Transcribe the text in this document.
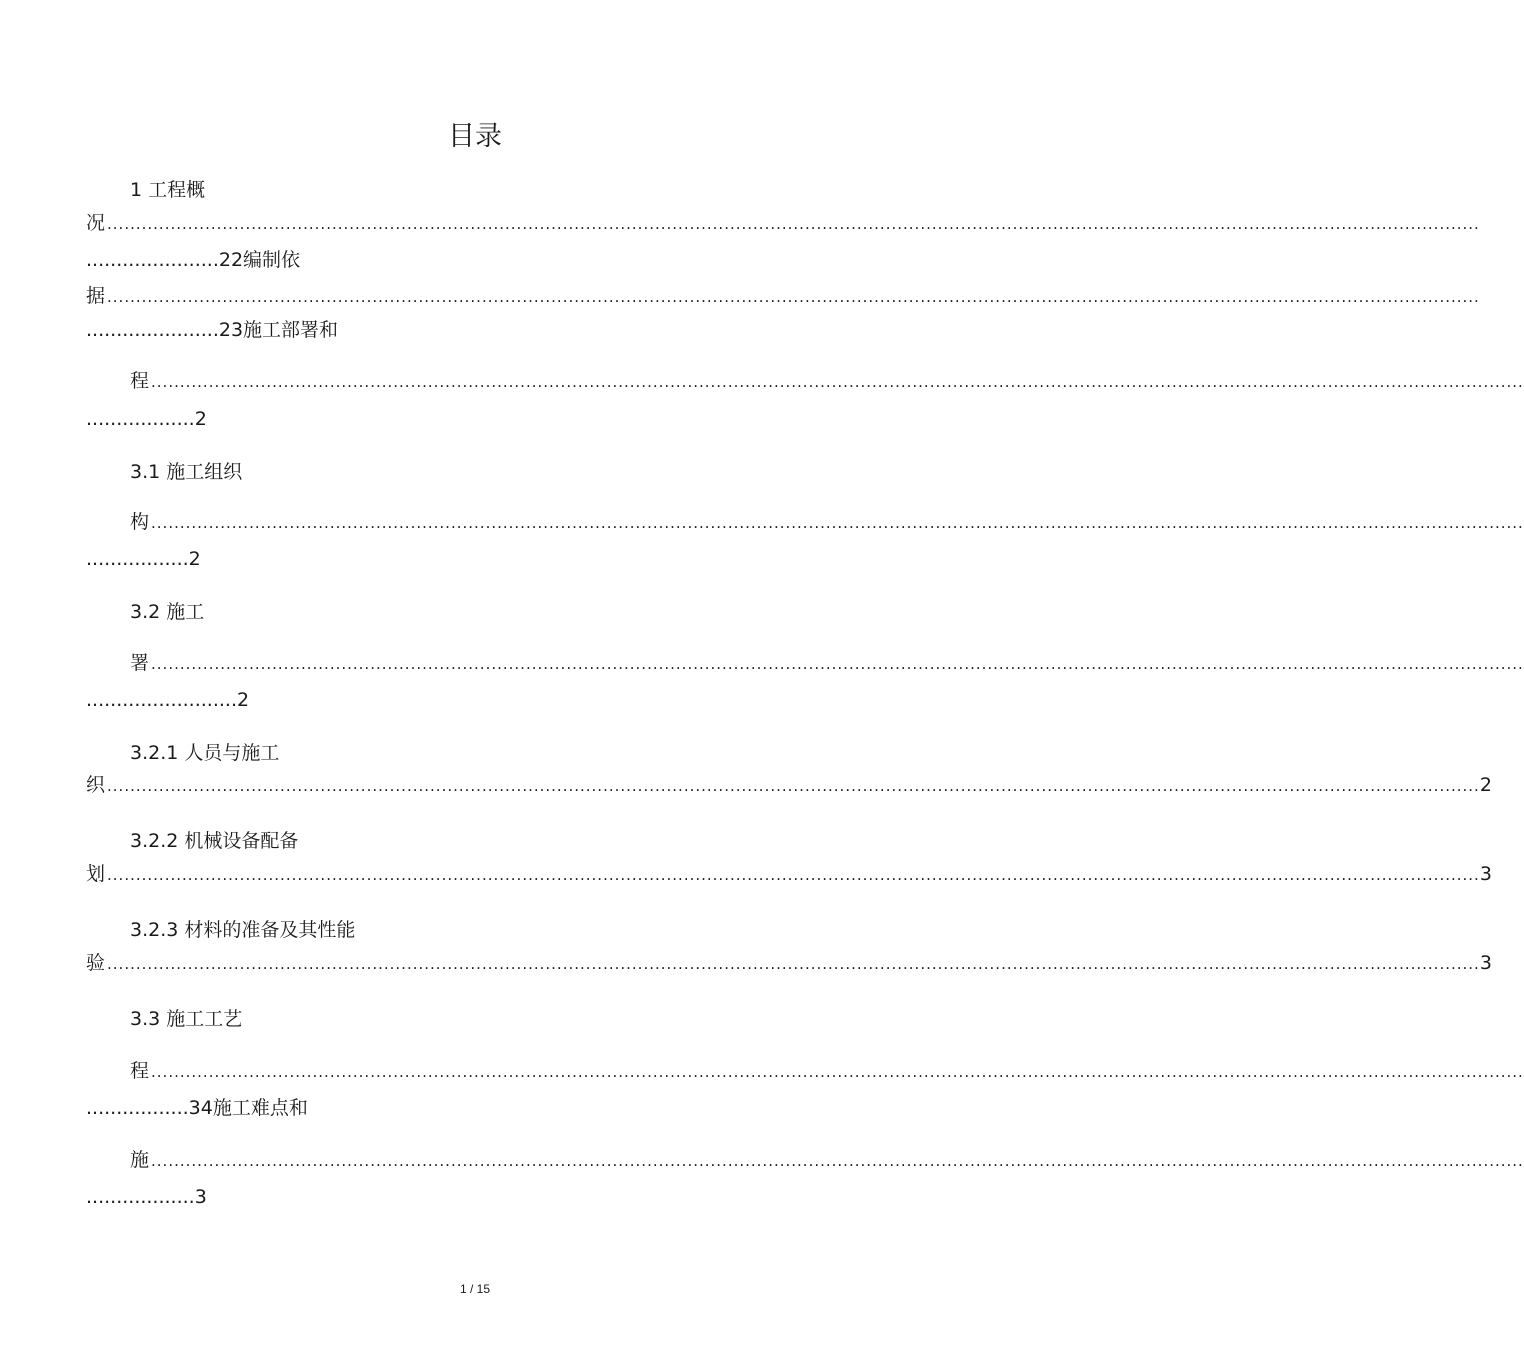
目录
1 工程概
况 ..............................................................................................................................................................................................................................................
......................22编制依
据 ..............................................................................................................................................................................................................................................
......................23施工部署和
程 ..............................................................................................................................................................................................................................................
..................2
3.1 施工组织
构 ..............................................................................................................................................................................................................................................
.................2
3.2 施工
署 ..............................................................................................................................................................................................................................................
.........................2
3.2.1 人员与施工
织 .............................................................................................................................................................................................................................................. 2
3.2.2 机械设备配备
划 .............................................................................................................................................................................................................................................. 3
3.2.3 材料的准备及其性能
验 .............................................................................................................................................................................................................................................. 3
3.3 施工工艺
程 ..............................................................................................................................................................................................................................................
.................34施工难点和
施 ..............................................................................................................................................................................................................................................
..................3
1 / 15
